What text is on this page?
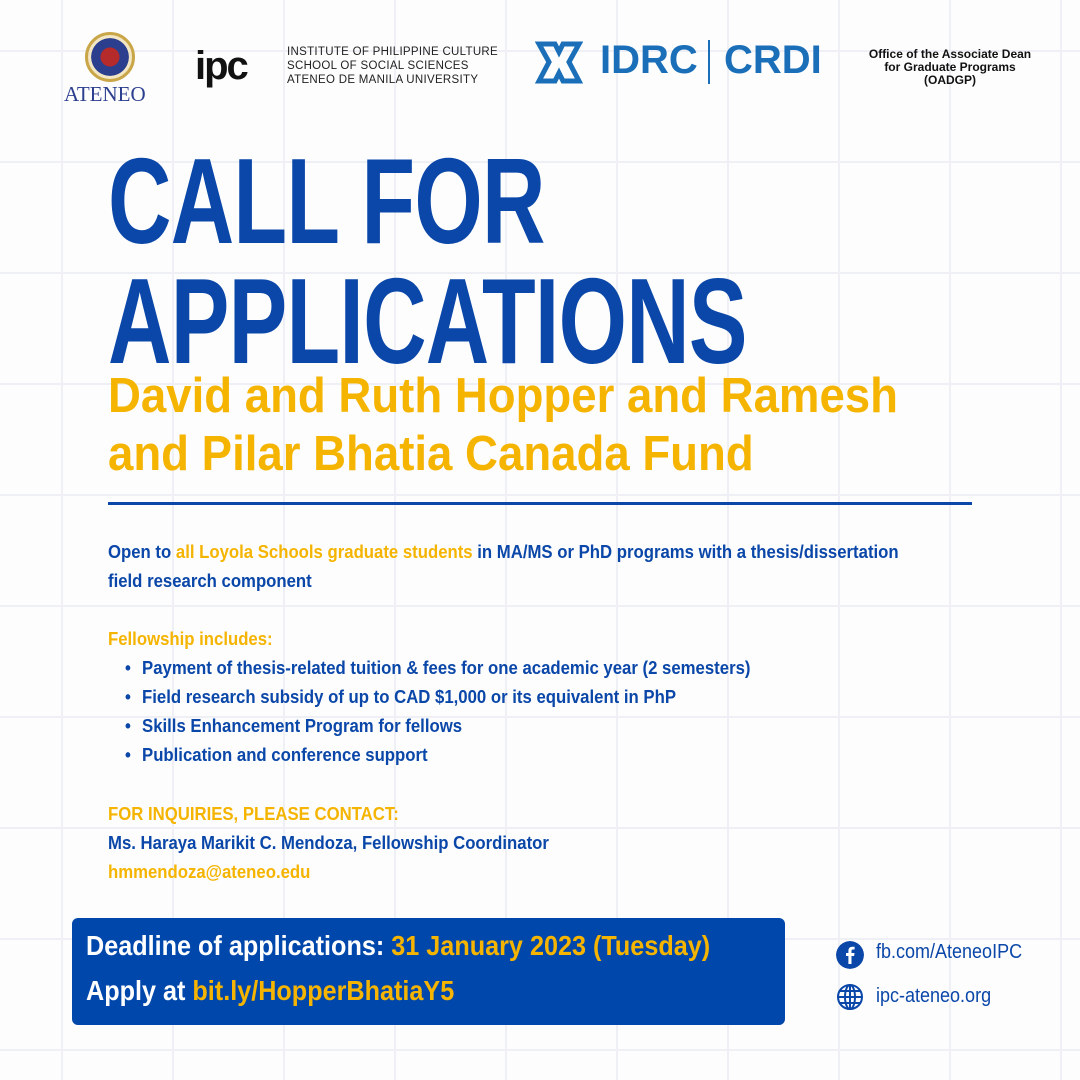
ATENEO
ipc	INSTITUTE OF PHILIPPINE CULTURE
SCHOOL OF SOCIAL SCIENCES
ATENEO DE MANILA UNIVERSITY	IDRC CRDI	Office of the Associate Dean
for Graduate Programs
(OADGP)
CALL FOR
APPLICATIONS
David and Ruth Hopper and Ramesh
and Pilar Bhatia Canada Fund
Open to all Loyola Schools graduate students in MA/MS or PhD programs with a thesis/dissertation
field research component
Fellowship includes:
• Payment of thesis-related tuition & fees for one academic year (2 semesters)
• Field research subsidy of up to CAD $1,000 or its equivalent in PhP
• Skills Enhancement Program for fellows
• Publication and conference support
FOR INQUIRIES, PLEASE CONTACT:
Ms. Haraya Marikit C. Mendoza, Fellowship Coordinator
hmmendoza@ateneo.edu
Deadline of applications: 31 January 2023 (Tuesday)
Apply at bit.ly/HopperBhatiaY5
fb.com/AteneoIPC
ipc-ateneo.org
